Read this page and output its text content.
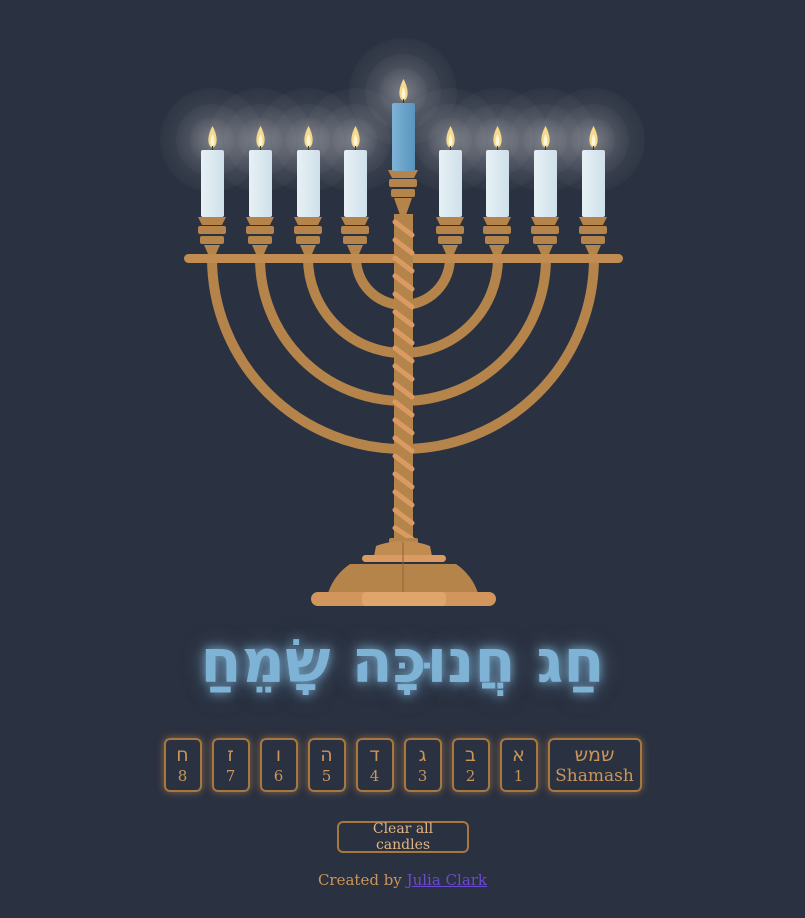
חַג חֲנוּכָּה שָׂמֵחַ
ח
8
ז
7
ו
6
ה
5
ד
4
ג
3
ב
2
א
1
שמש
Shamash
Clear all candles
Created by Julia Clark
